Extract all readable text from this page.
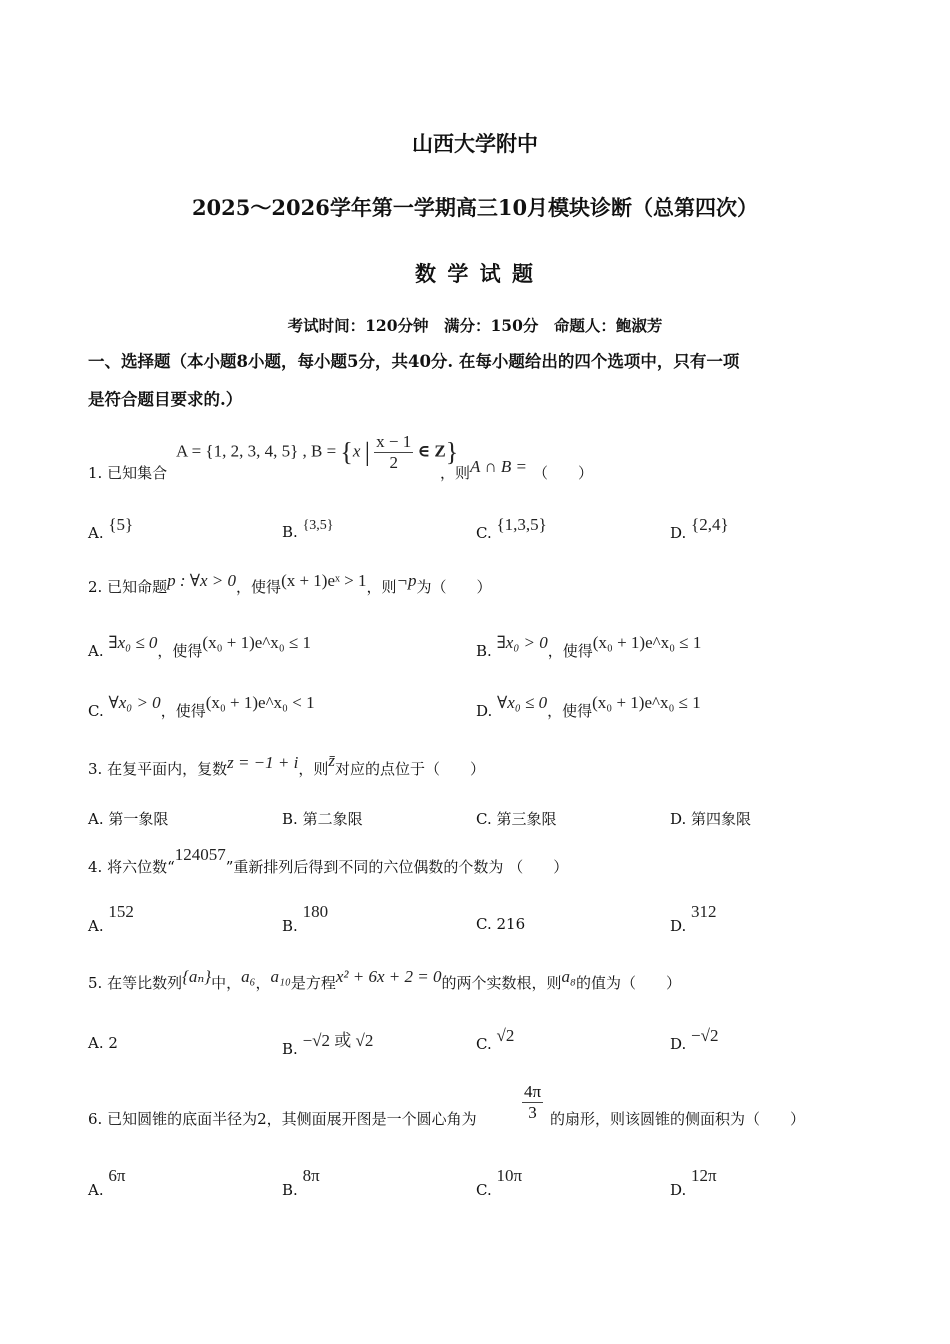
山西大学附中
2025～2026学年第一学期高三10月模块诊断（总第四次）
数 学 试 题
考试时间：120分钟　满分：150分　命题人：鲍淑芳
一、选择题（本小题8小题，每小题5分，共40分. 在每小题给出的四个选项中，只有一项
是符合题目要求的.）
A = {1, 2, 3, 4, 5} , B = {x | $\frac{x - 1}{2}$ ∈ Z}
1. 已知集合	，则A ∩ B = （　　）
A. {5}	B. {3,5}	C. {1,3,5}	D. {2,4}
2. 已知命题p : ∀x > 0，使得(x + 1)eˣ > 1，则¬p为（　　）
A. ∃x₀ ≤ 0，使得(x₀ + 1)e^x₀ ≤ 1	B. ∃x₀ > 0，使得(x₀ + 1)e^x₀ ≤ 1
C. ∀x₀ > 0，使得(x₀ + 1)e^x₀ < 1	D. ∀x₀ ≤ 0，使得(x₀ + 1)e^x₀ ≤ 1
3. 在复平面内，复数z = −1 + i，则z̄对应的点位于（　　）
A. 第一象限	B. 第二象限	C. 第三象限	D. 第四象限
4. 将六位数“124057”重新排列后得到不同的六位偶数的个数为 （　　）
A. 152
B. 180
C. 216	D. 312
5. 在等比数列{aₙ}中，a₆，a₁₀是方程x² + 6x + 2 = 0的两个实数根，则a₈的值为（　　）
A. 2	B. −√2 或 √2	C. √2	D. −√2
6. 已知圆锥的底面半径为2，其侧面展开图是一个圆心角为	$\frac{4\pi}{3}$ 的扇形，则该圆锥的侧面积为（　　）
A. 6π
B. 8π
C. 10π
D. 12π
